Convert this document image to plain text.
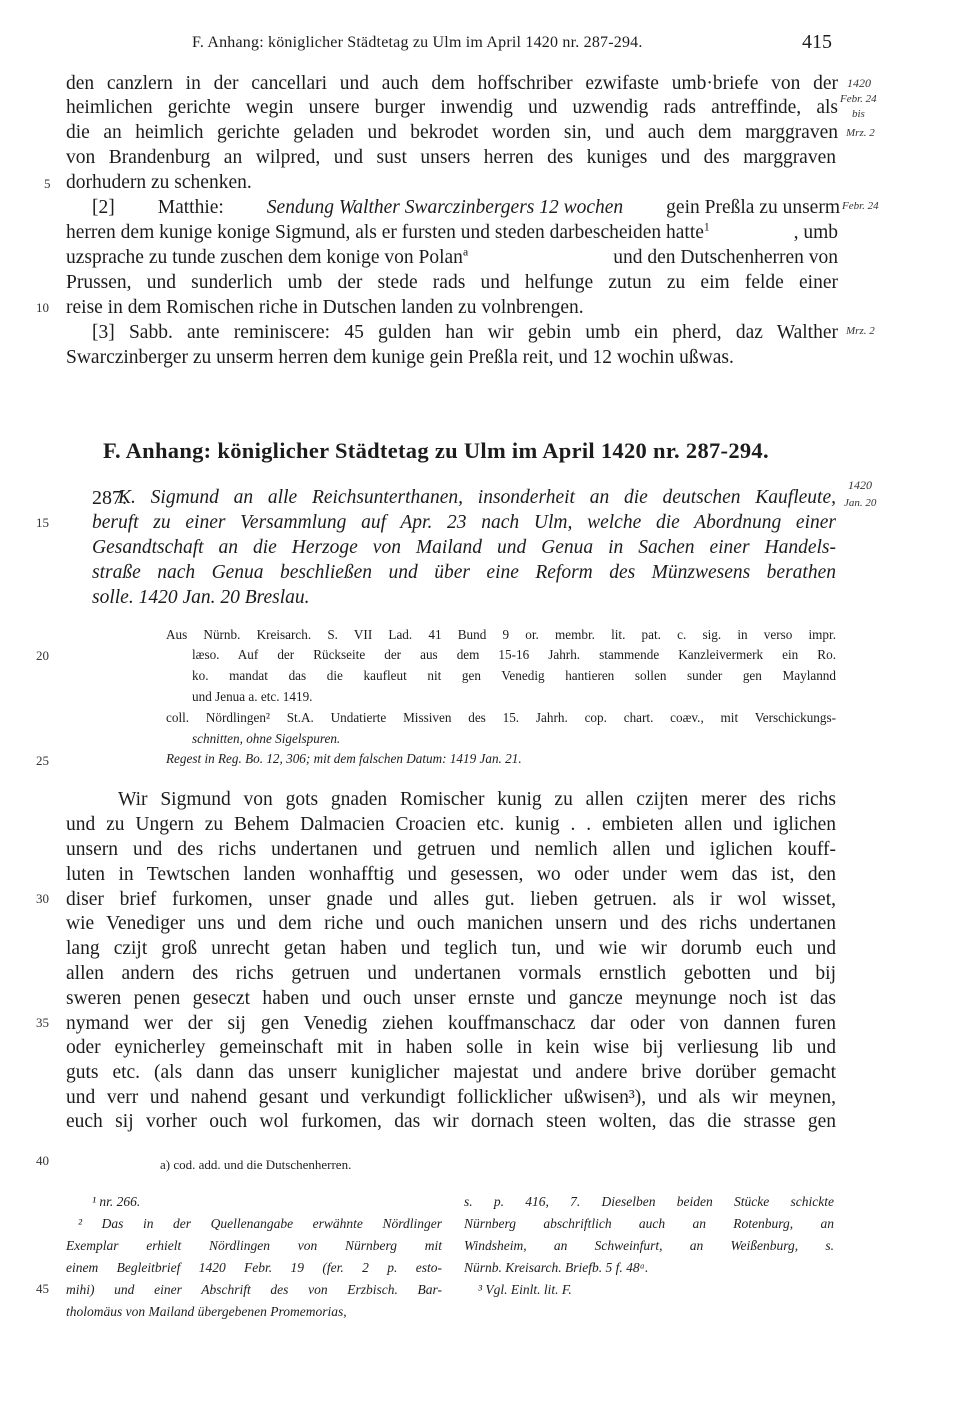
F. Anhang: königlicher Städtetag zu Ulm im April 1420 nr. 287-294.	415
den canzlern in der cancellari und auch dem hoffschriber ezwifaste umb·briefe von der
heimlichen gerichte wegin unsere burger inwendig und uzwendig rads antreffinde, als
die an heimlich gerichte geladen und bekrodet worden sin, und auch dem marggraven
von Brandenburg an wilpred, und sust unsers herren des kuniges und des marggraven
dorhudern zu schenken.
[2] Matthie: Sendung Walther Swarczinbergers 12 wochen gein Preßla zu unserm
herren dem kunige konige Sigmund, als er fursten und steden darbescheiden hatte$^1$	, umb
uzsprache zu tunde zuschen dem konige von Polan$^a$	und den Dutschenherren von
Prussen, und sunderlich umb der stede rads und helfunge zutun zu eim felde einer
reise in dem Romischen riche in Dutschen landen zu volnbrengen.
[3] Sabb. ante reminiscere: 45 gulden han wir gebin umb ein pherd, daz Walther
Swarczinberger zu unserm herren dem kunige gein Preßla reit, und 12 wochin ußwas.
F. Anhang: königlicher Städtetag zu Ulm im April 1420 nr. 287-294.
287.
K. Sigmund an alle Reichsunterthanen, insonderheit an die deutschen Kaufleute,
beruft zu einer Versammlung auf Apr. 23 nach Ulm, welche die Abordnung einer
Gesandtschaft an die Herzoge von Mailand und Genua in Sachen einer Handels-
straße nach Genua beschließen und über eine Reform des Münzwesens berathen
solle. 1420 Jan. 20 Breslau.
Aus Nürnb. Kreisarch. S. VII Lad. 41 Bund 9 or. membr. lit. pat. c. sig. in verso impr.
læso. Auf der Rückseite der aus dem 15-16 Jahrh. stammende Kanzleivermerk ein Ro.
ko. mandat das die kaufleut nit gen Venedig hantieren sollen sunder gen Maylannd
und Jenua a. etc. 1419.
coll. Nördlingen² St.A. Undatierte Missiven des 15. Jahrh. cop. chart. coæv., mit Verschickungs-
schnitten, ohne Sigelspuren.
Regest in Reg. Bo. 12, 306; mit dem falschen Datum: 1419 Jan. 21.
Wir Sigmund von gots gnaden Romischer kunig zu allen czijten merer des richs
und zu Ungern zu Behem Dalmacien Croacien etc. kunig . . embieten allen und iglichen
unsern und des richs undertanen und getruen und nemlich allen und iglichen kouff-
luten in Tewtschen landen wonhafftig und gesessen, wo oder under wem das ist, den
diser brief furkomen, unser gnade und alles gut. lieben getruen. als ir wol wisset,
wie Venediger uns und dem riche und ouch manichen unsern und des richs undertanen
lang czijt groß unrecht getan haben und teglich tun, und wie wir dorumb euch und
allen andern des richs getruen und undertanen vormals ernstlich gebotten und bij
sweren penen geseczt haben und ouch unser ernste und gancze meynunge noch ist das
nymand wer der sij gen Venedig ziehen kouffmanschacz dar oder von dannen furen
oder eynicherley gemeinschaft mit in haben solle in kein wise bij verliesung lib und
guts etc. (als dann das unserr kuniglicher majestat und andere brive dorüber gemacht
und verr und nahend gesant und verkundigt follicklicher ußwisen³), und als wir meynen,
euch sij vorher ouch wol furkomen, das wir dornach steen wolten, das die strasse gen
a) cod. add. und die Dutschenherren.
¹ nr. 266.
² Das in der Quellenangabe erwähnte Nördlinger
Exemplar erhielt Nördlingen von Nürnberg mit
einem Begleitbrief 1420 Febr. 19 (fer. 2 p. esto-
mihi) und einer Abschrift des von Erzbisch. Bar-
tholomäus von Mailand übergebenen Promemorias,
s. p. 416, 7. Dieselben beiden Stücke schickte
Nürnberg abschriftlich auch an Rotenburg, an
Windsheim, an Schweinfurt, an Weißenburg, s.
Nürnb. Kreisarch. Briefb. 5 f. 48ᵃ.
³ Vgl. Einlt. lit. F.
1420
Febr. 24
bis
Mrz. 2
Febr. 24
Mrz. 2
1420
Jan. 20
5
10
15
20
25
30
35
40
45
